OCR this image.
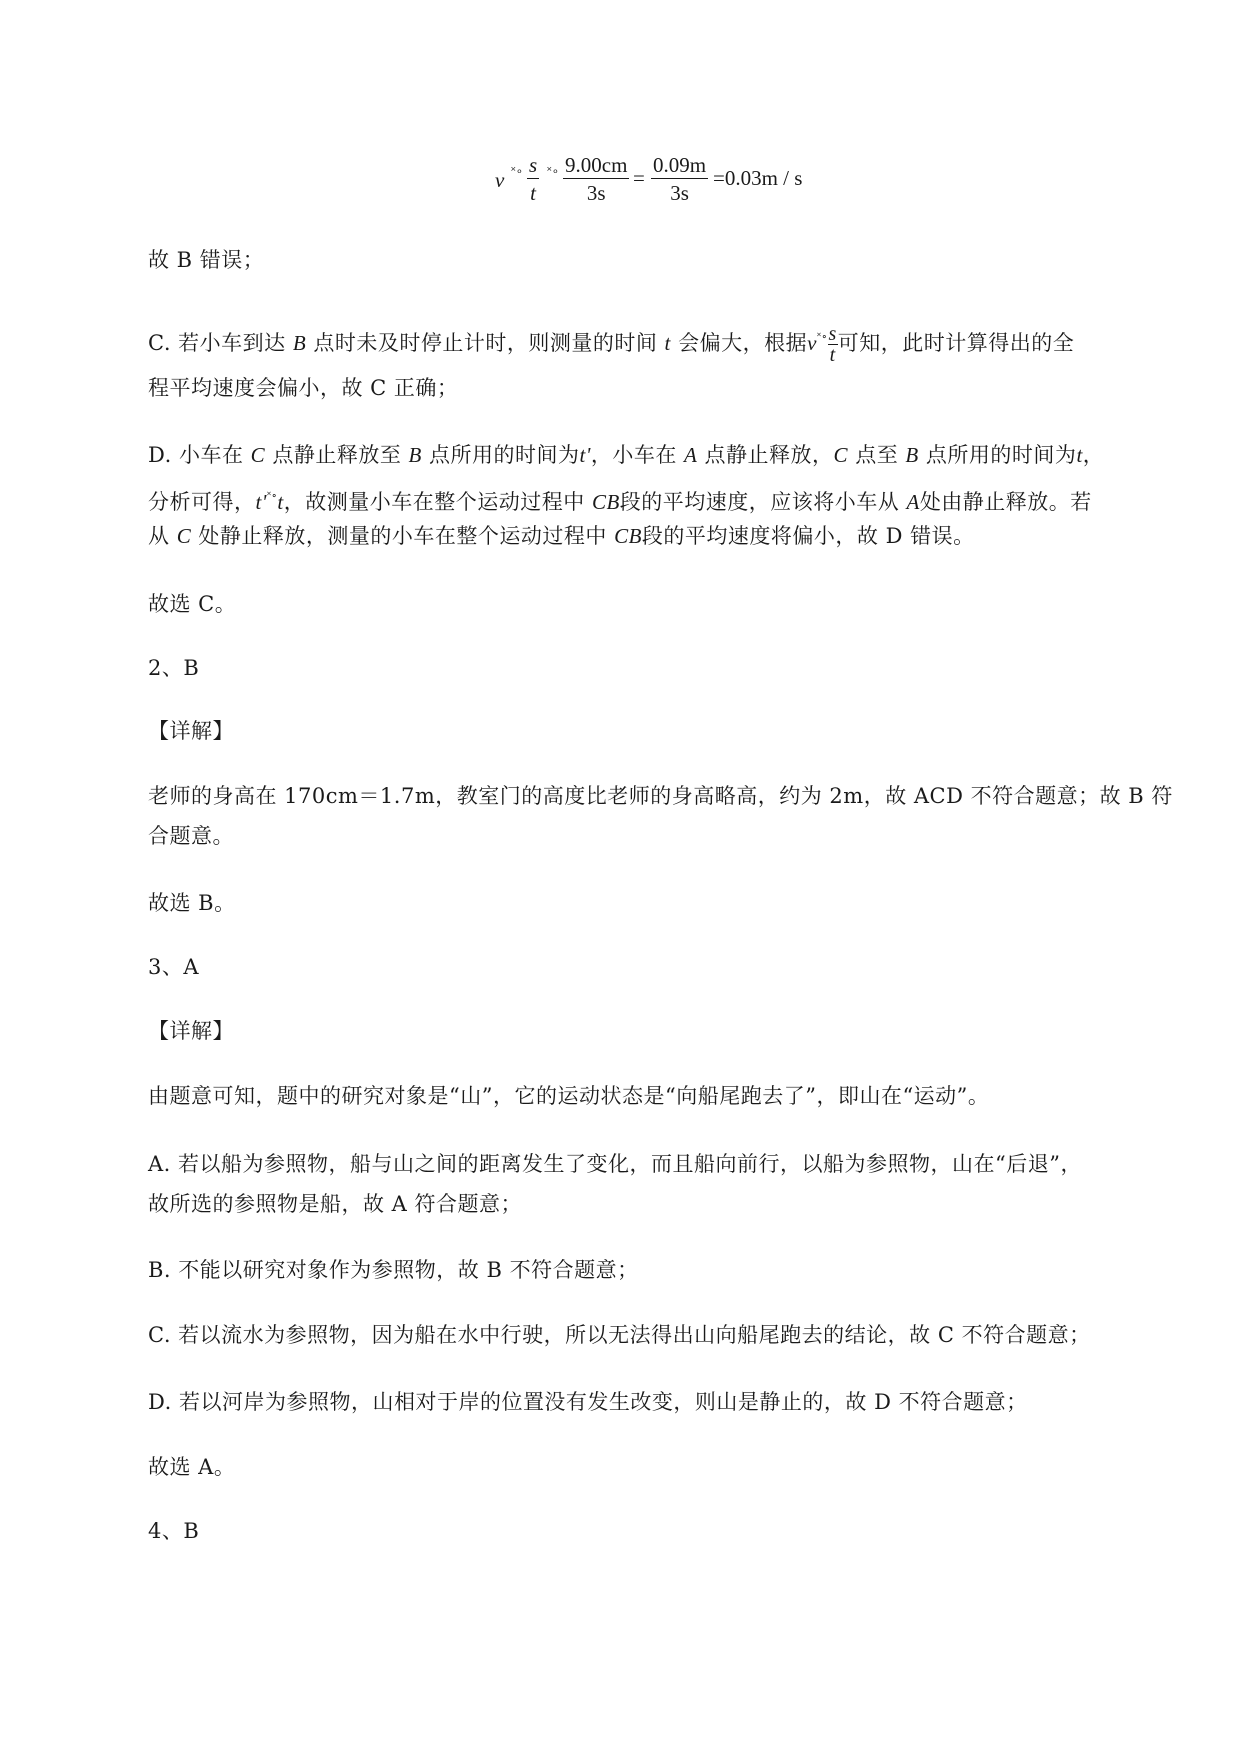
v ˟∘ $\frac{s}{t}$ ˟∘ $\frac{9.00cm}{3s} = \frac{0.09m}{3s} =0.03m / s$
故 B 错误；
C. 若小车到达 B 点时未及时停止计时，则测量的时间 t 会偏大，根据$v^{˟\circ} \frac{s}{t}$ 可知，此时计算得出的全
程平均速度会偏小，故 C 正确；
D. 小车在 C 点静止释放至 B 点所用的时间为t'，小车在 A 点静止释放，C 点至 B 点所用的时间为t，
分析可得，t'˟∘t，故测量小车在整个运动过程中 CB段的平均速度，应该将小车从 A处由静止释放。若
从 C 处静止释放，测量的小车在整个运动过程中 CB段的平均速度将偏小，故 D 错误。
故选 C。
2、B
【详解】
老师的身高在 170cm＝1.7m，教室门的高度比老师的身高略高，约为 2m，故 ACD 不符合题意；故 B 符
合题意。
故选 B。
3、A
【详解】
由题意可知，题中的研究对象是“山”，它的运动状态是“向船尾跑去了”，即山在“运动”。
A. 若以船为参照物，船与山之间的距离发生了变化，而且船向前行，以船为参照物，山在“后退”，
故所选的参照物是船，故 A 符合题意；
B. 不能以研究对象作为参照物，故 B 不符合题意；
C. 若以流水为参照物，因为船在水中行驶，所以无法得出山向船尾跑去的结论，故 C 不符合题意；
D. 若以河岸为参照物，山相对于岸的位置没有发生改变，则山是静止的，故 D 不符合题意；
故选 A。
4、B
